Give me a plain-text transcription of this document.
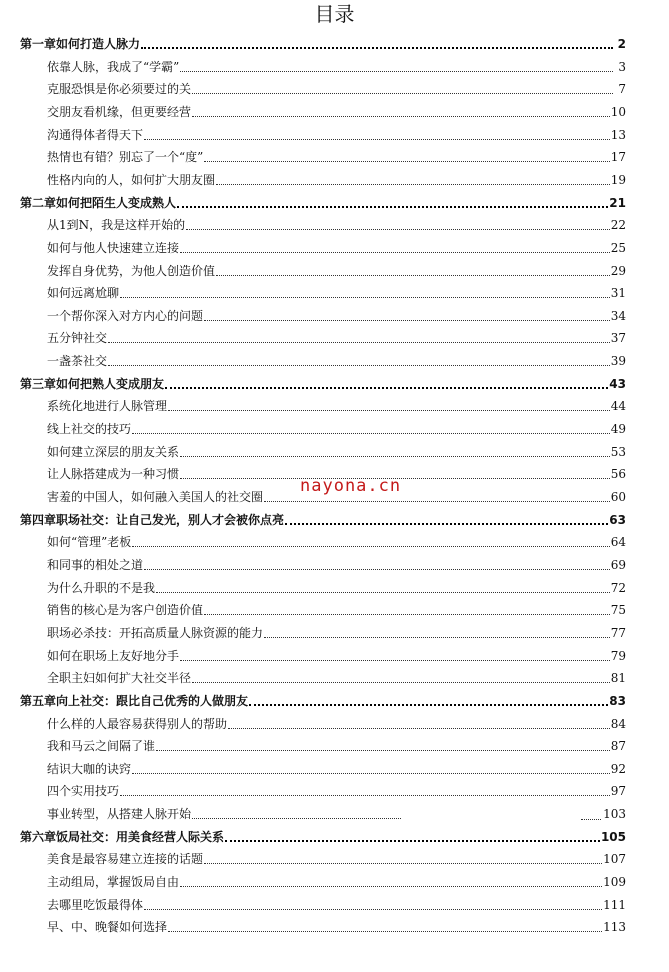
目录
第一章如何打造人脉力	2
依靠人脉，我成了“学霸”	3
克服恐惧是你必须要过的关	7
交朋友看机缘，但更要经营	10
沟通得体者得天下	13
热情也有错？别忘了一个“度”	17
性格内向的人，如何扩大朋友圈	19
第二章如何把陌生人变成熟人	21
从1到N，我是这样开始的	22
如何与他人快速建立连接	25
发挥自身优势，为他人创造价值	29
如何远离尬聊	31
一个帮你深入对方内心的问题	34
五分钟社交	37
一盏茶社交	39
第三章如何把熟人变成朋友	43
系统化地进行人脉管理	44
线上社交的技巧	49
如何建立深层的朋友关系	53
让人脉搭建成为一种习惯	56
害羞的中国人，如何融入美国人的社交圈	60
第四章职场社交：让自己发光，别人才会被你点亮	63
如何“管理”老板	64
和同事的相处之道	69
为什么升职的不是我	72
销售的核心是为客户创造价值	75
职场必杀技：开拓高质量人脉资源的能力	77
如何在职场上友好地分手	79
全职主妇如何扩大社交半径	81
第五章向上社交：跟比自己优秀的人做朋友	83
什么样的人最容易获得别人的帮助	84
我和马云之间隔了谁	87
结识大咖的诀窍	92
四个实用技巧	97
事业转型，从搭建人脉开始	103
第六章饭局社交：用美食经营人际关系	105
美食是最容易建立连接的话题	107
主动组局，掌握饭局自由	109
去哪里吃饭最得体	111
早、中、晚餐如何选择	113
nayona.cn
